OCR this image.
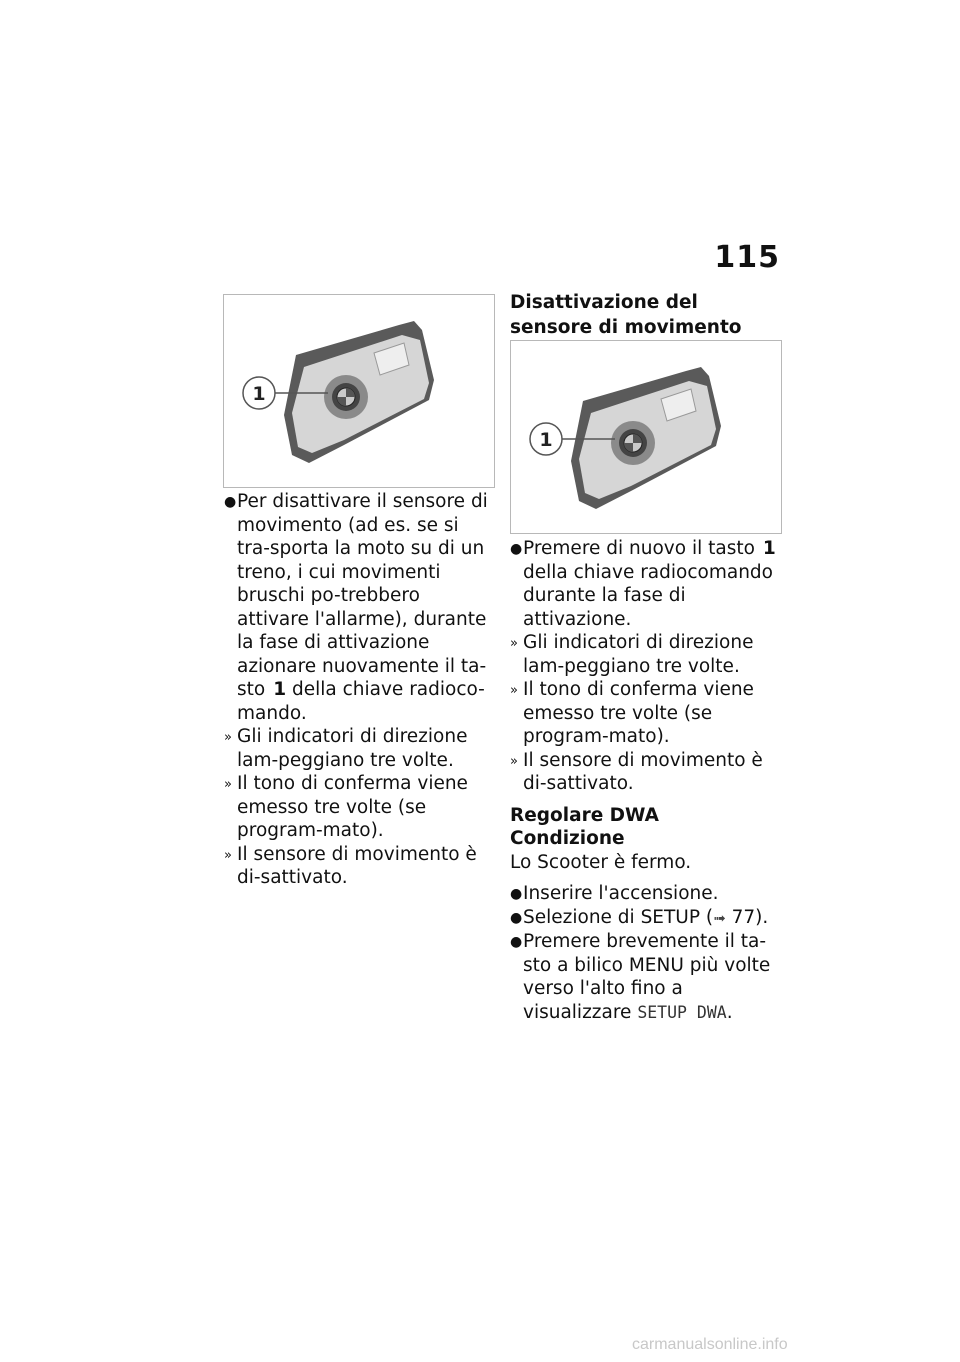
115
1
1
● Per disattivare il sensore di movimento (ad es. se si tra-sporta la moto su di un treno, i cui movimenti bruschi po-trebbero attivare l'allarme), durante la fase di attivazione azionare nuovamente il ta-sto 1 della chiave radioco-mando.
» Gli indicatori di direzione lam-peggiano tre volte.
» Il tono di conferma viene emesso tre volte (se program-mato).
» Il sensore di movimento è di-sattivato.
Disattivazione del sensore di movimento
● Premere di nuovo il tasto 1 della chiave radiocomando durante la fase di attivazione.
» Gli indicatori di direzione lam-peggiano tre volte.
» Il tono di conferma viene emesso tre volte (se program-mato).
» Il sensore di movimento è di-sattivato.
Regolare DWA
Condizione
Lo Scooter è fermo.
● Inserire l'accensione.
● Selezione di SETUP (➟ 77).
● Premere brevemente il ta-sto a bilico MENU più volte verso l'alto fino a visualizzare SETUP DWA.
carmanualsonline.info
